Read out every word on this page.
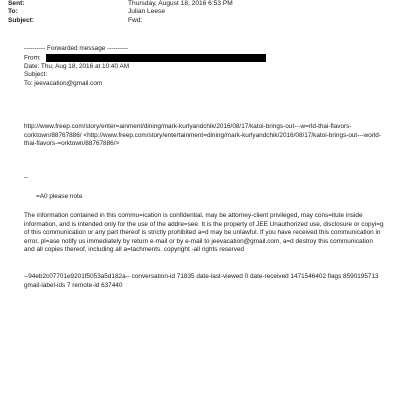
Sent:	Thursday, August 18, 2016 6:53 PM
To:	Julian Leese
Subject:	Fwd:
---------- Forwarded message ----------
From:
Date: Thu, Aug 18, 2016 at 10:40 AM
Subject:
To: jeevacation@gmail.com
http://www.freep.com/story/enter=ainment/dining/mark-kurlyandchik/2016/08/17/katoi-brings-out---w=rld-thai-flavors-corktown/88767886/ <http://www.freep.com/story/entertainment=dining/mark-kurlyandchik/2016/08/17/katoi-brings-out---world-thai-flavors-=orktown/88767886/>
--
=A0 please note
The information contained in this commu=ication is confidential, may be attorney-client privileged, may cons=itute inside information, and is intended only for the use of the addre=see. It is the property of JEE Unauthorized use, disclosure or copyi=g of this communication or any part thereof is strictly prohibited a=d may be unlawful. If you have received this communication in error, pl=ase notify us immediately by return e-mail or by e-mail to jeevacation@gmail.com, a=d destroy this communication and all copies thereof, including all a=tachments. copyright -all rights reserved
--94eb2c07701e9201f5053a5d182a-- conversation-id 71835 date-last-viewed 0 date-received 1471546402 flags 8590195713 gmail-label-ids 7 remote-id 637440
